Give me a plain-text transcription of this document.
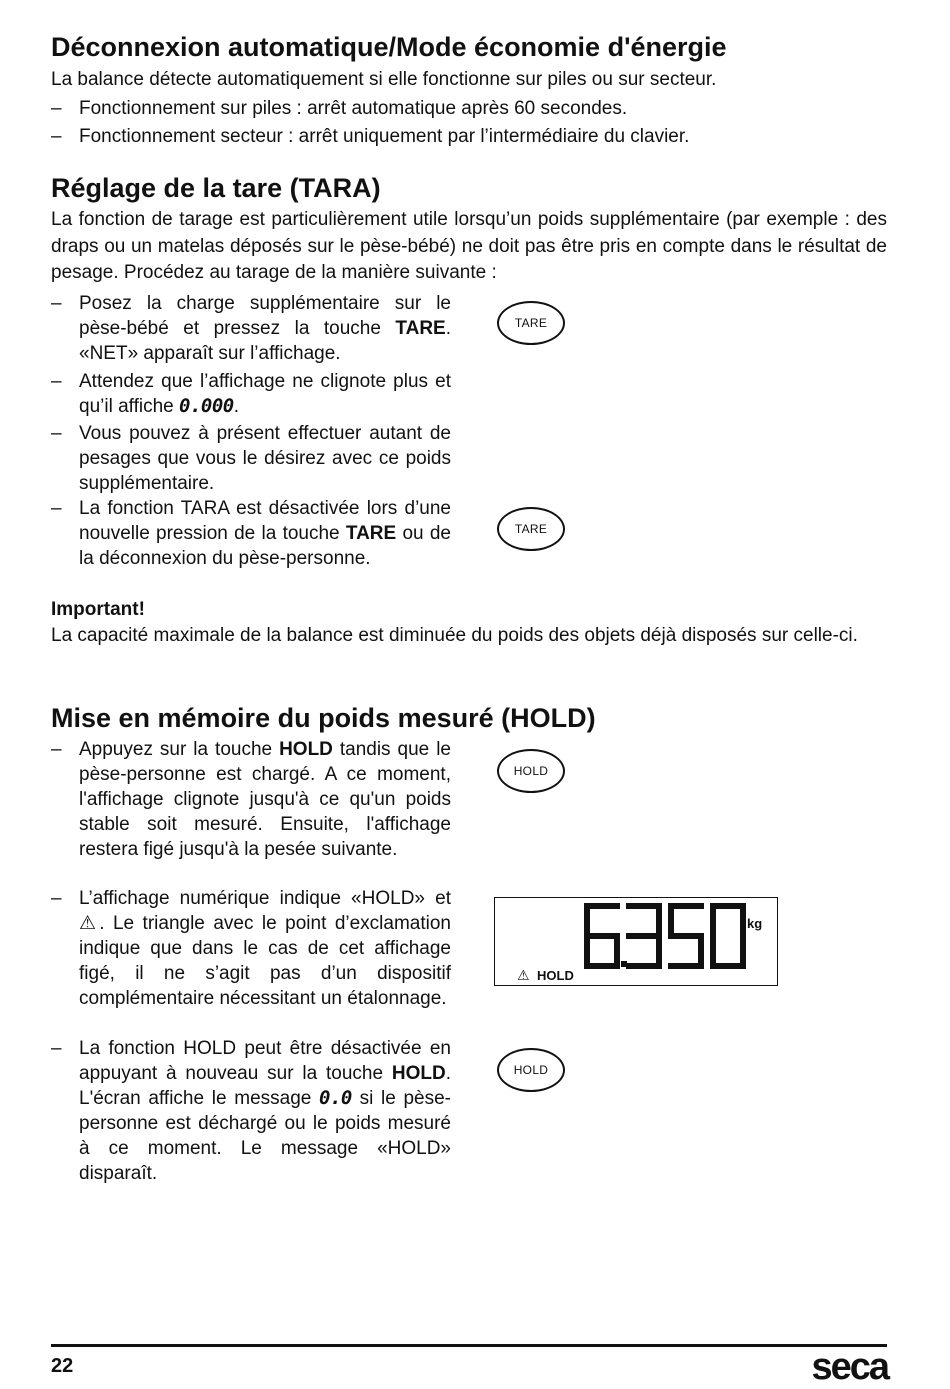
Déconnexion automatique/Mode économie d'énergie
La balance détecte automatiquement si elle fonctionne sur piles ou sur secteur.
– Fonctionnement sur piles : arrêt automatique après 60 secondes.
– Fonctionnement secteur : arrêt uniquement par l’intermédiaire du clavier.
Réglage de la tare (TARA)
La fonction de tarage est particulièrement utile lorsqu’un poids supplémentaire (par exemple : des draps ou un matelas déposés sur le pèse-bébé) ne doit pas être pris en compte dans le résultat de pesage. Procédez au tarage de la manière suivante :
– Posez la charge supplémentaire sur le pèse-bébé et pressez la touche TARE. «NET» apparaît sur l’affichage.
– Attendez que l’affichage ne clignote plus et qu’il affiche 0.000.
– Vous pouvez à présent effectuer autant de pesages que vous le désirez avec ce poids supplémentaire.
– La fonction TARA est désactivée lors d’une nouvelle pression de la touche TARE ou de la déconnexion du pèse-personne.
TARE
TARE
Important!
La capacité maximale de la balance est diminuée du poids des objets déjà disposés sur celle-ci.
Mise en mémoire du poids mesuré (HOLD)
– Appuyez sur la touche HOLD tandis que le pèse-personne est chargé. A ce moment, l'affichage clignote jusqu'à ce qu'un poids stable soit mesuré. Ensuite, l'affichage restera figé jusqu'à la pesée suivante.
– L’affichage numérique indique «HOLD» et ⚠. Le triangle avec le point d’exclamation indique que dans le cas de cet affichage figé, il ne s’agit pas d’un dispositif complémentaire nécessitant un étalonnage.
– La fonction HOLD peut être désactivée en appuyant à nouveau sur la touche HOLD. L'écran affiche le message 0.0 si le pèse-personne est déchargé ou le poids mesuré à ce moment. Le message «HOLD» disparaît.
HOLD
HOLD
kg
⚠ HOLD
22	seca
